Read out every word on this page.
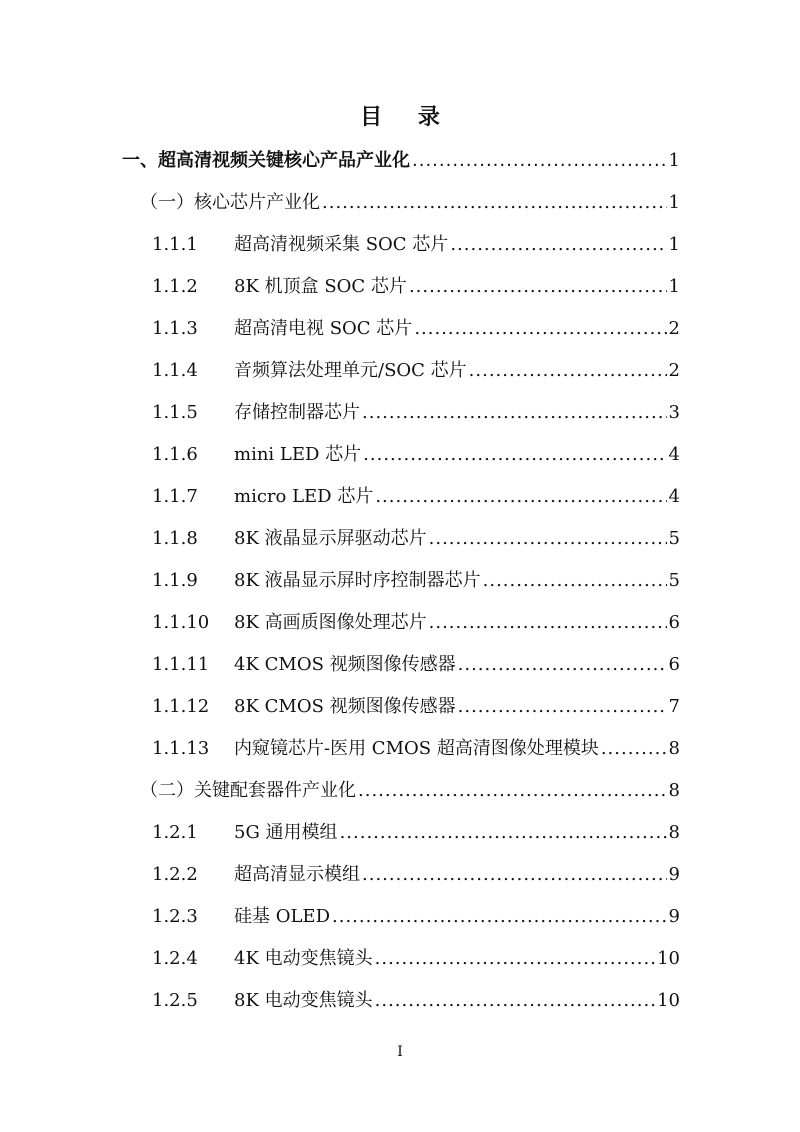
目 录
一、超高清视频关键核心产品产业化 .....	1
（一）核心芯片产业化 .....	1
1.1.1	超高清视频采集 SOC 芯片 .....	1
1.1.2	8K 机顶盒 SOC 芯片 .....	1
1.1.3	超高清电视 SOC 芯片 .....	2
1.1.4	音频算法处理单元/SOC 芯片 .....	2
1.1.5	存储控制器芯片 .....	3
1.1.6	mini LED 芯片 .....	4
1.1.7	micro LED 芯片 .....	4
1.1.8	8K 液晶显示屏驱动芯片 .....	5
1.1.9	8K 液晶显示屏时序控制器芯片 .....	5
1.1.10	8K 高画质图像处理芯片 .....	6
1.1.11	4K CMOS 视频图像传感器 .....	6
1.1.12	8K CMOS 视频图像传感器 .....	7
1.1.13	内窥镜芯片-医用 CMOS 超高清图像处理模块 .....	8
（二）关键配套器件产业化 .....	8
1.2.1	5G 通用模组 .....	8
1.2.2	超高清显示模组 .....	9
1.2.3	硅基 OLED .....	9
1.2.4	4K 电动变焦镜头 .....	10
1.2.5	8K 电动变焦镜头 .....	10
I
